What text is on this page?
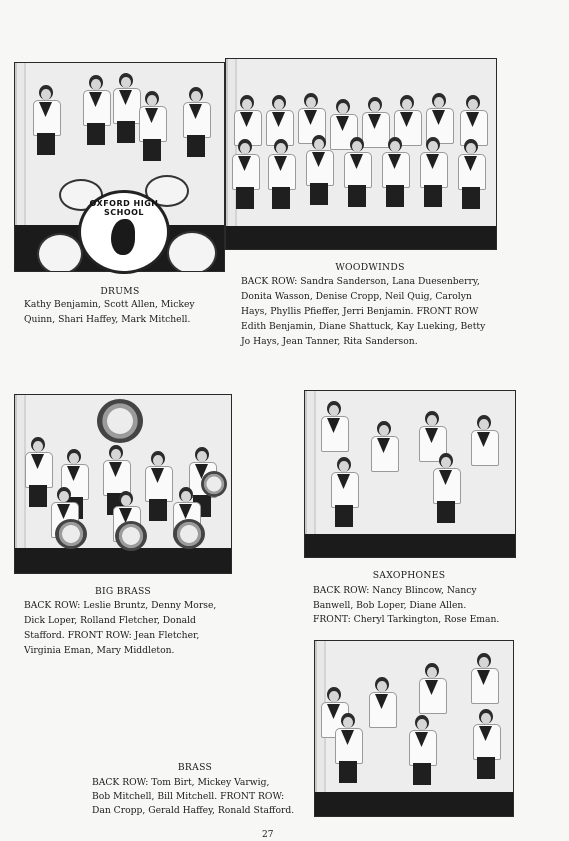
OXFORD HIGH SCHOOL
DRUMS
Kathy Benjamin, Scott Allen, Mickey
Quinn, Shari Haffey, Mark Mitchell.
WOODWINDS
BACK ROW: Sandra Sanderson, Lana Duesenberry,
Donita Wasson, Denise Cropp, Neil Quig, Carolyn
Hays, Phyllis Pfieffer, Jerri Benjamin. FRONT ROW
Edith Benjamin, Diane Shattuck, Kay Lueking, Betty
Jo Hays, Jean Tanner, Rita Sanderson.
BIG BRASS
BACK ROW: Leslie Bruntz, Denny Morse,
Dick Loper, Rolland Fletcher, Donald
Stafford. FRONT ROW: Jean Fletcher,
Virginia Eman, Mary Middleton.
SAXOPHONES
BACK ROW: Nancy Blincow, Nancy
Banwell, Bob Loper, Diane Allen.
FRONT: Cheryl Tarkington, Rose Eman.
BRASS
BACK ROW: Tom Birt, Mickey Varwig,
Bob Mitchell, Bill Mitchell. FRONT ROW:
Dan Cropp, Gerald Haffey, Ronald Stafford.
27
